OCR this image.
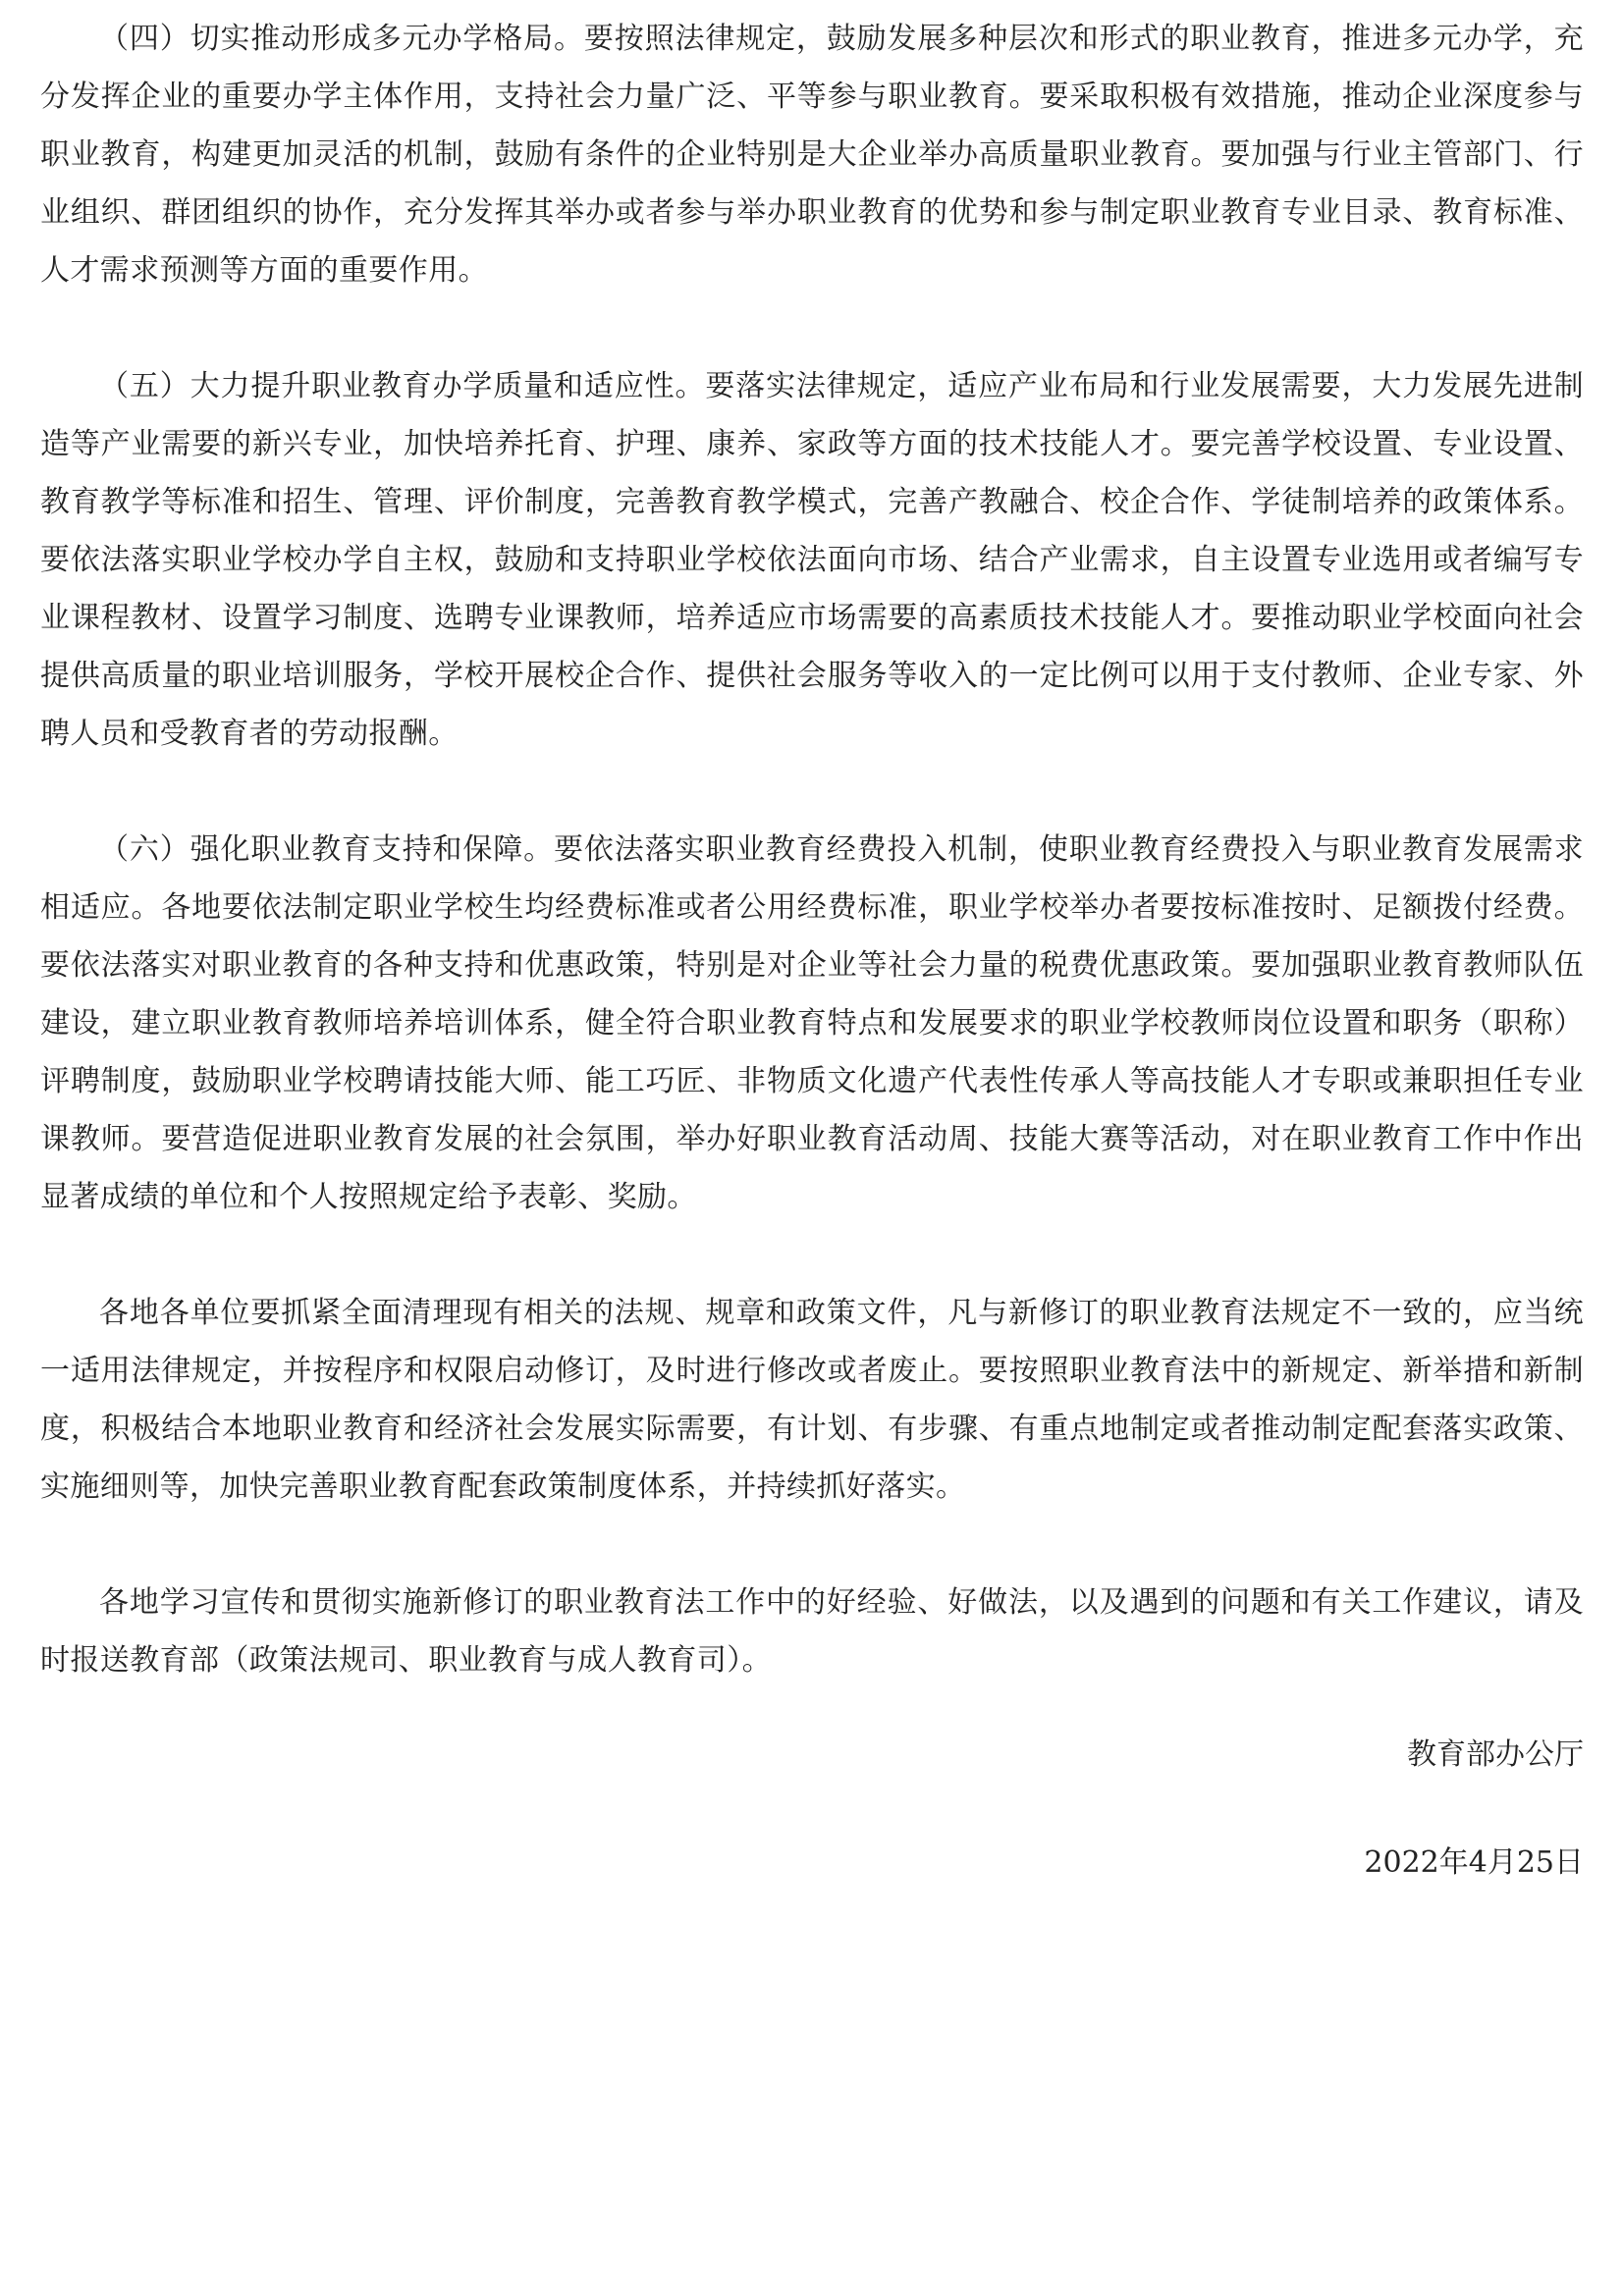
（四）切实推动形成多元办学格局。要按照法律规定，鼓励发展多种层次和形式的职业教育，推进多元办学，充分发挥企业的重要办学主体作用，支持社会力量广泛、平等参与职业教育。要采取积极有效措施，推动企业深度参与职业教育，构建更加灵活的机制，鼓励有条件的企业特别是大企业举办高质量职业教育。要加强与行业主管部门、行业组织、群团组织的协作，充分发挥其举办或者参与举办职业教育的优势和参与制定职业教育专业目录、教育标准、人才需求预测等方面的重要作用。

（五）大力提升职业教育办学质量和适应性。要落实法律规定，适应产业布局和行业发展需要，大力发展先进制造等产业需要的新兴专业，加快培养托育、护理、康养、家政等方面的技术技能人才。要完善学校设置、专业设置、教育教学等标准和招生、管理、评价制度，完善教育教学模式，完善产教融合、校企合作、学徒制培养的政策体系。要依法落实职业学校办学自主权，鼓励和支持职业学校依法面向市场、结合产业需求，自主设置专业选用或者编写专业课程教材、设置学习制度、选聘专业课教师，培养适应市场需要的高素质技术技能人才。要推动职业学校面向社会提供高质量的职业培训服务，学校开展校企合作、提供社会服务等收入的一定比例可以用于支付教师、企业专家、外聘人员和受教育者的劳动报酬。

（六）强化职业教育支持和保障。要依法落实职业教育经费投入机制，使职业教育经费投入与职业教育发展需求相适应。各地要依法制定职业学校生均经费标准或者公用经费标准，职业学校举办者要按标准按时、足额拨付经费。要依法落实对职业教育的各种支持和优惠政策，特别是对企业等社会力量的税费优惠政策。要加强职业教育教师队伍建设，建立职业教育教师培养培训体系，健全符合职业教育特点和发展要求的职业学校教师岗位设置和职务（职称）评聘制度，鼓励职业学校聘请技能大师、能工巧匠、非物质文化遗产代表性传承人等高技能人才专职或兼职担任专业课教师。要营造促进职业教育发展的社会氛围，举办好职业教育活动周、技能大赛等活动，对在职业教育工作中作出显著成绩的单位和个人按照规定给予表彰、奖励。

各地各单位要抓紧全面清理现有相关的法规、规章和政策文件，凡与新修订的职业教育法规定不一致的，应当统一适用法律规定，并按程序和权限启动修订，及时进行修改或者废止。要按照职业教育法中的新规定、新举措和新制度，积极结合本地职业教育和经济社会发展实际需要，有计划、有步骤、有重点地制定或者推动制定配套落实政策、实施细则等，加快完善职业教育配套政策制度体系，并持续抓好落实。

各地学习宣传和贯彻实施新修订的职业教育法工作中的好经验、好做法，以及遇到的问题和有关工作建议，请及时报送教育部（政策法规司、职业教育与成人教育司）。

教育部办公厅

2022年4月25日
